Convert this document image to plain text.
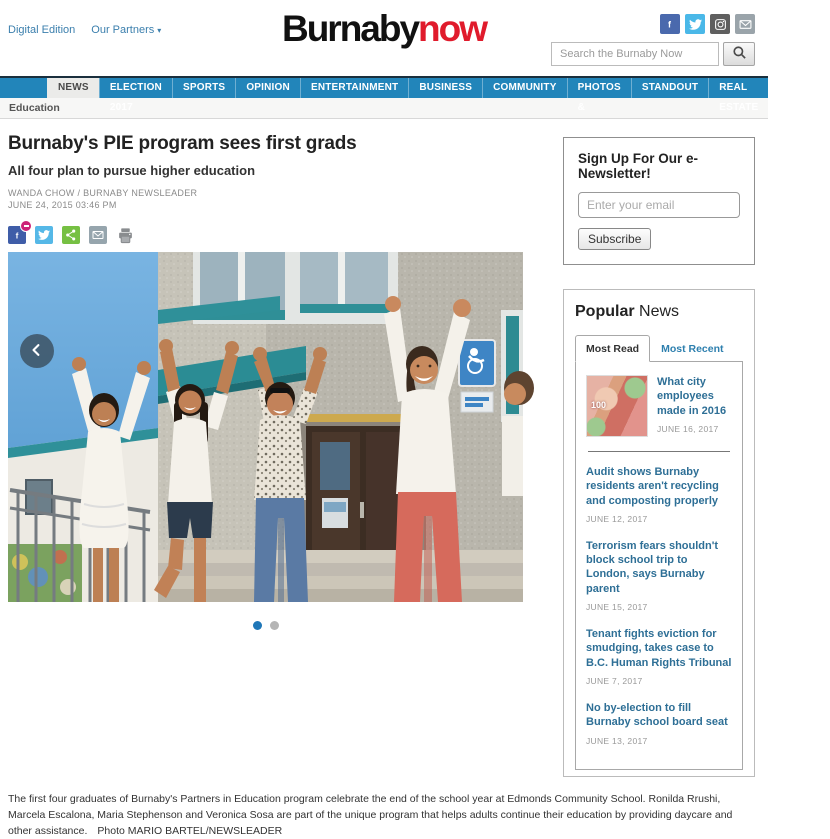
Digital Edition Our Partners ▾	Burnabynow	f
Search the Burnaby Now
NEWS	ELECTION 2017
SPORTS	OPINION	ENTERTAINMENT	BUSINESS	COMMUNITY	PHOTOS & VIDEOS
STANDOUT	REAL ESTATE
FLYERS
Education
Burnaby's PIE program sees first grads
All four plan to pursue higher education
WANDA CHOW / BURNABY NEWSLEADER
JUNE 24, 2015 03:46 PM
f
Sign Up For Our e-Newsletter!
Enter your email Subscribe
Popular News
Most Read	Most Recent
100
What city employees made in 2016
JUNE 16, 2017
Audit shows Burnaby residents aren't recycling and composting properly
JUNE 12, 2017
Terrorism fears shouldn't block school trip to London, says Burnaby parent
JUNE 15, 2017
Tenant fights eviction for smudging, takes case to B.C. Human Rights Tribunal
JUNE 7, 2017
No by-election to fill Burnaby school board seat
JUNE 13, 2017

The first four graduates of Burnaby's Partners in Education program celebrate the end of the school year at Edmonds Community School. Ronilda Rrushi, Marcela Escalona, Maria Stephenson and Veronica Sosa are part of the unique program that helps adults continue their education by providing daycare and other assistance. Photo MARIO BARTEL/NEWSLEADER
